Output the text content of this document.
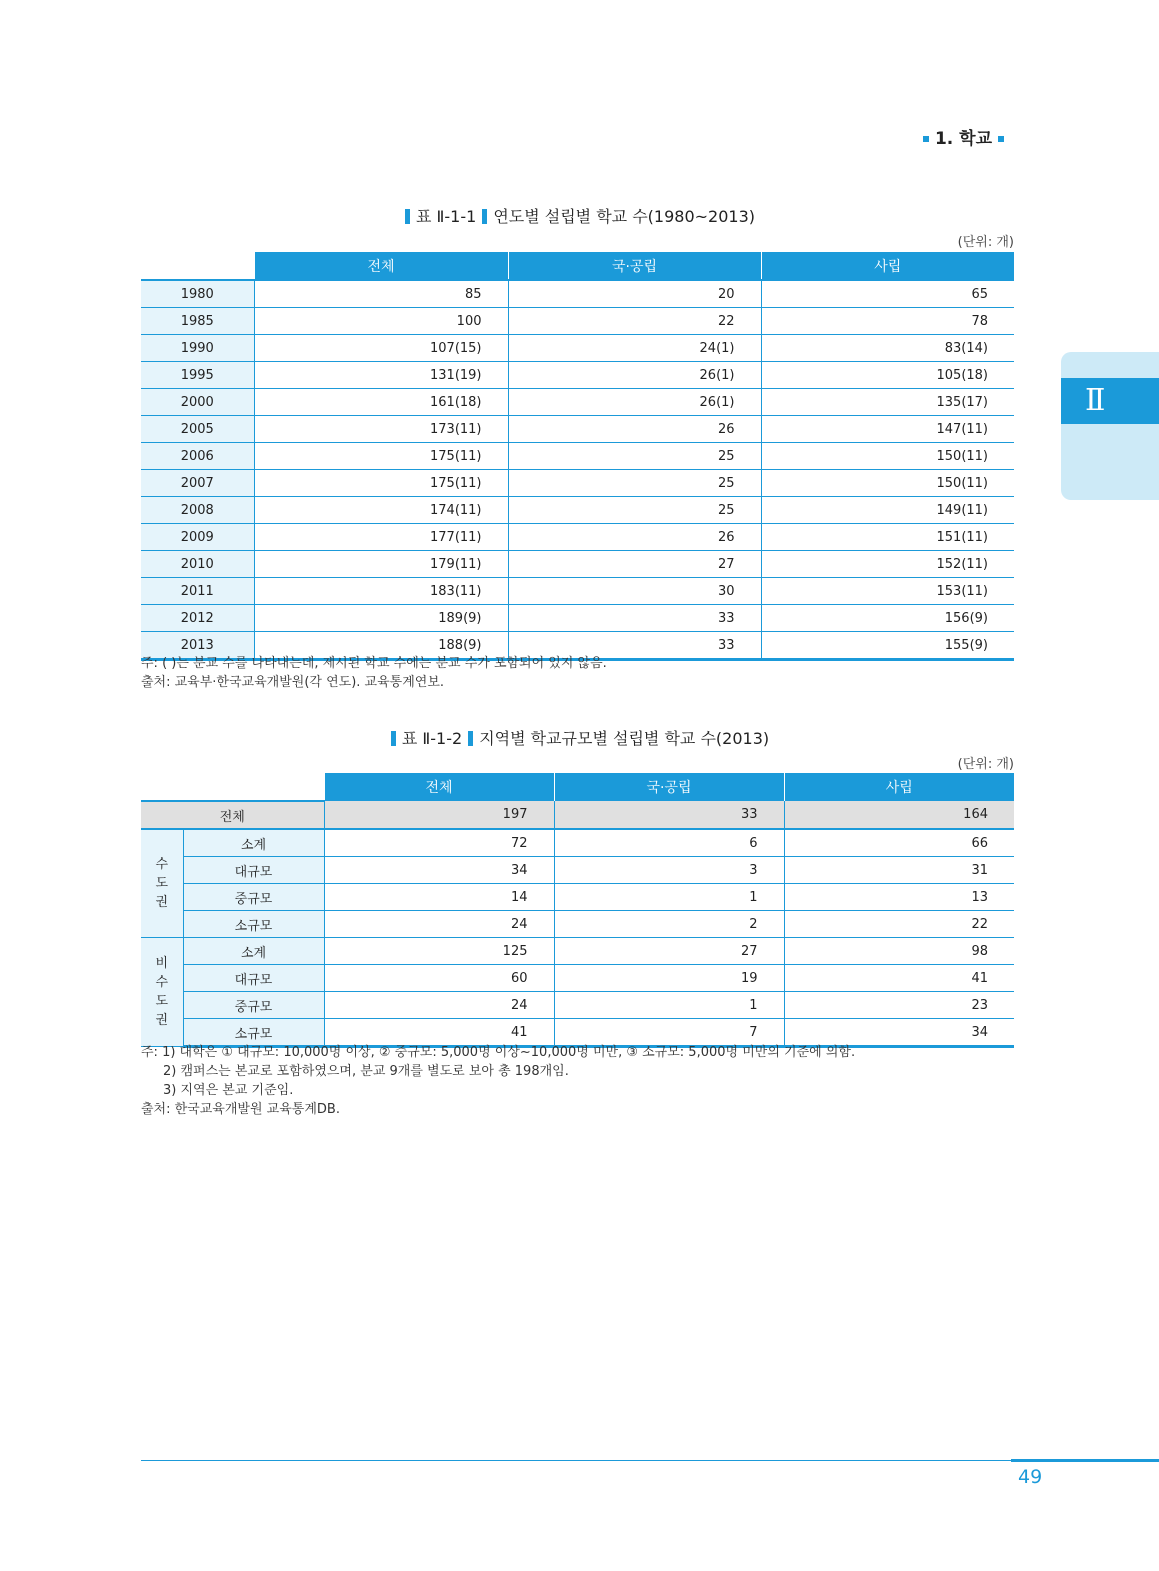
1. 학교
Ⅱ
표 Ⅱ-1-1 연도별 설립별 학교 수(1980~2013)
(단위: 개)
	전체	국·공립	사립
1980	85	20	65
1985	100	22	78
1990	107(15)	24(1)	83(14)
1995	131(19)	26(1)	105(18)
2000	161(18)	26(1)	135(17)
2005	173(11)	26	147(11)
2006	175(11)	25	150(11)
2007	175(11)	25	150(11)
2008	174(11)	25	149(11)
2009	177(11)	26	151(11)
2010	179(11)	27	152(11)
2011	183(11)	30	153(11)
2012	189(9)	33	156(9)
2013	188(9)	33	155(9)
주: ( )는 분교 수를 나타내는데, 제시된 학교 수에는 분교 수가 포함되어 있지 않음.
출처: 교육부·한국교육개발원(각 연도). 교육통계연보.
표 Ⅱ-1-2 지역별 학교규모별 설립별 학교 수(2013)
(단위: 개)
		전체	국·공립	사립
전체		197	33	164
수
도
권	소계	72	6	66
	대규모	34	3	31
	중규모	14	1	13
	소규모	24	2	22
비
수
도
권	소계	125	27	98
	대규모	60	19	41
	중규모	24	1	23
	소규모	41	7	34
주: 1) 대학은 ① 대규모: 10,000명 이상, ② 중규모: 5,000명 이상~10,000명 미만, ③ 소규모: 5,000명 미만의 기준에 의함.
2) 캠퍼스는 본교로 포함하였으며, 분교 9개를 별도로 보아 총 198개임.
3) 지역은 본교 기준임.
출처: 한국교육개발원 교육통계DB.
49
